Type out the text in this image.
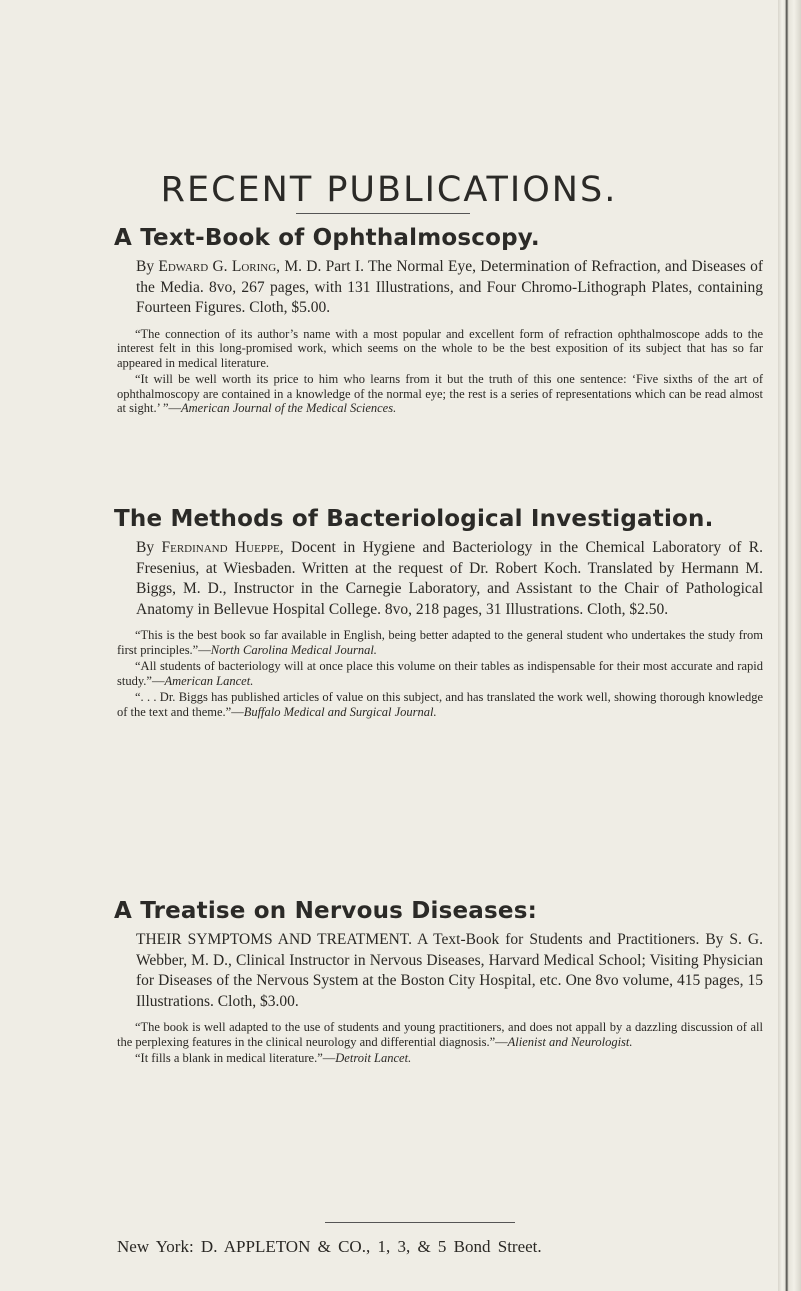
RECENT PUBLICATIONS.
A Text-Book of Ophthalmoscopy.
By Edward G. Loring, M. D. Part I. The Normal Eye, Determination of Refraction, and Diseases of the Media. 8vo, 267 pages, with 131 Illustrations, and Four Chromo-Lithograph Plates, containing Fourteen Figures. Cloth, $5.00.
“The connection of its author’s name with a most popular and excellent form of refraction ophthalmoscope adds to the interest felt in this long-promised work, which seems on the whole to be the best exposition of its subject that has so far appeared in medical literature.
“It will be well worth its price to him who learns from it but the truth of this one sentence: ‘Five sixths of the art of ophthalmoscopy are contained in a knowledge of the normal eye; the rest is a series of representations which can be read almost at sight.’ ”—American Journal of the Medical Sciences.
The Methods of Bacteriological Investigation.
By Ferdinand Hueppe, Docent in Hygiene and Bacteriology in the Chemical Laboratory of R. Fresenius, at Wiesbaden. Written at the request of Dr. Robert Koch. Translated by Hermann M. Biggs, M. D., Instructor in the Carnegie Laboratory, and Assistant to the Chair of Pathological Anatomy in Bellevue Hospital College. 8vo, 218 pages, 31 Illustrations. Cloth, $2.50.
“This is the best book so far available in English, being better adapted to the general student who undertakes the study from first principles.”—North Carolina Medical Journal.
“All students of bacteriology will at once place this volume on their tables as indispensable for their most accurate and rapid study.”—American Lancet.
“. . . Dr. Biggs has published articles of value on this subject, and has translated the work well, showing thorough knowledge of the text and theme.”—Buffalo Medical and Surgical Journal.
A Treatise on Nervous Diseases:
THEIR SYMPTOMS AND TREATMENT. A Text-Book for Students and Practitioners. By S. G. Webber, M. D., Clinical Instructor in Nervous Diseases, Harvard Medical School; Visiting Physician for Diseases of the Nervous System at the Boston City Hospital, etc. One 8vo volume, 415 pages, 15 Illustrations. Cloth, $3.00.
“The book is well adapted to the use of students and young practitioners, and does not appall by a dazzling discussion of all the perplexing features in the clinical neurology and differential diagnosis.”—Alienist and Neurologist.
“It fills a blank in medical literature.”—Detroit Lancet.
New York: D. APPLETON & CO., 1, 3, & 5 Bond Street.
